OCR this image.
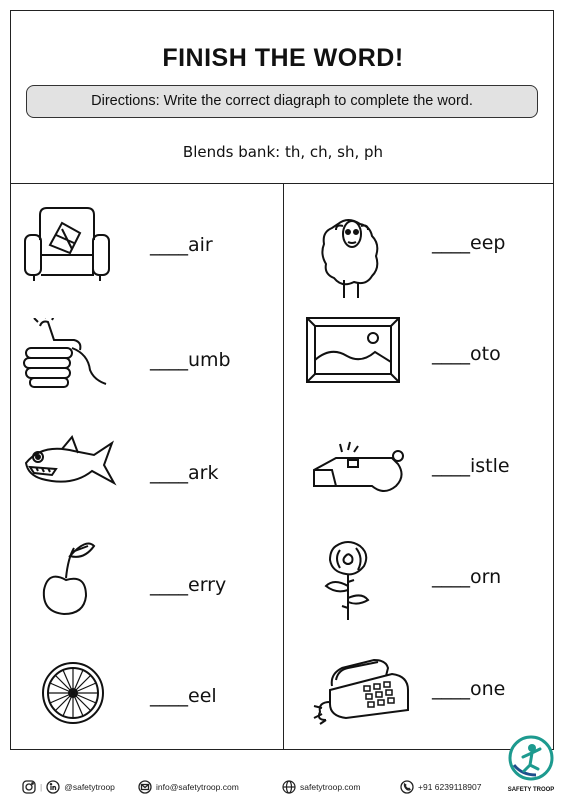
FINISH THE WORD!
Directions: Write the correct diagraph to complete the word.
Blends bank: th, ch, sh, ph
____air
____umb
____ark
____erry
____eel
____eep
____oto
____istle
____orn
____one
|	@safetytroop	info@safetytroop.com	safetytroop.com	+91 6239118907	SAFETY TROOP
